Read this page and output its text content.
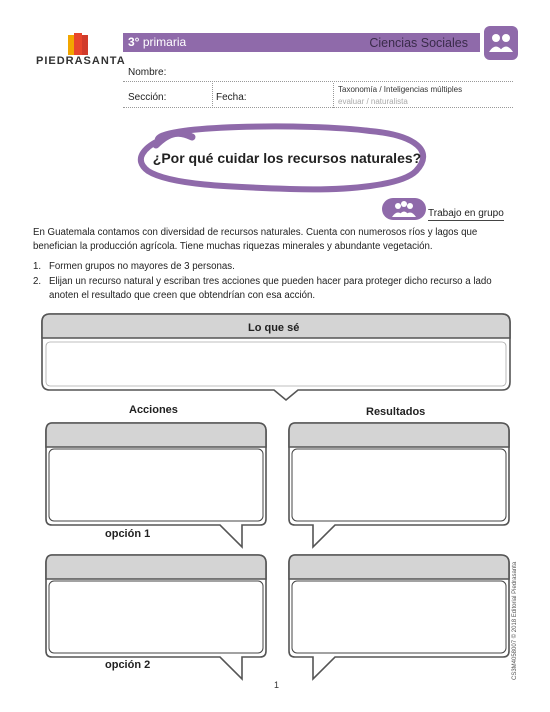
PIEDRASANTA
3° primaria	Ciencias Sociales
Nombre:
Sección:	Fecha:
Taxonomía / Inteligencias múltiples
evaluar / naturalista
¿Por qué cuidar los recursos naturales?
Trabajo en grupo
En Guatemala contamos con diversidad de recursos naturales. Cuenta con numerosos ríos y lagos que benefician la producción agrícola. Tiene muchas riquezas minerales y abundante vegetación.
1. Formen grupos no mayores de 3 personas.
2. Elijan un recurso natural y escriban tres acciones que pueden hacer para proteger dicho recurso a lado anoten el resultado que creen que obtendrían con esa acción.
Lo que sé
Acciones	Resultados
opción 1
opción 2
1
CS3M4058007 © 2018 Editorial Piedrasanta
